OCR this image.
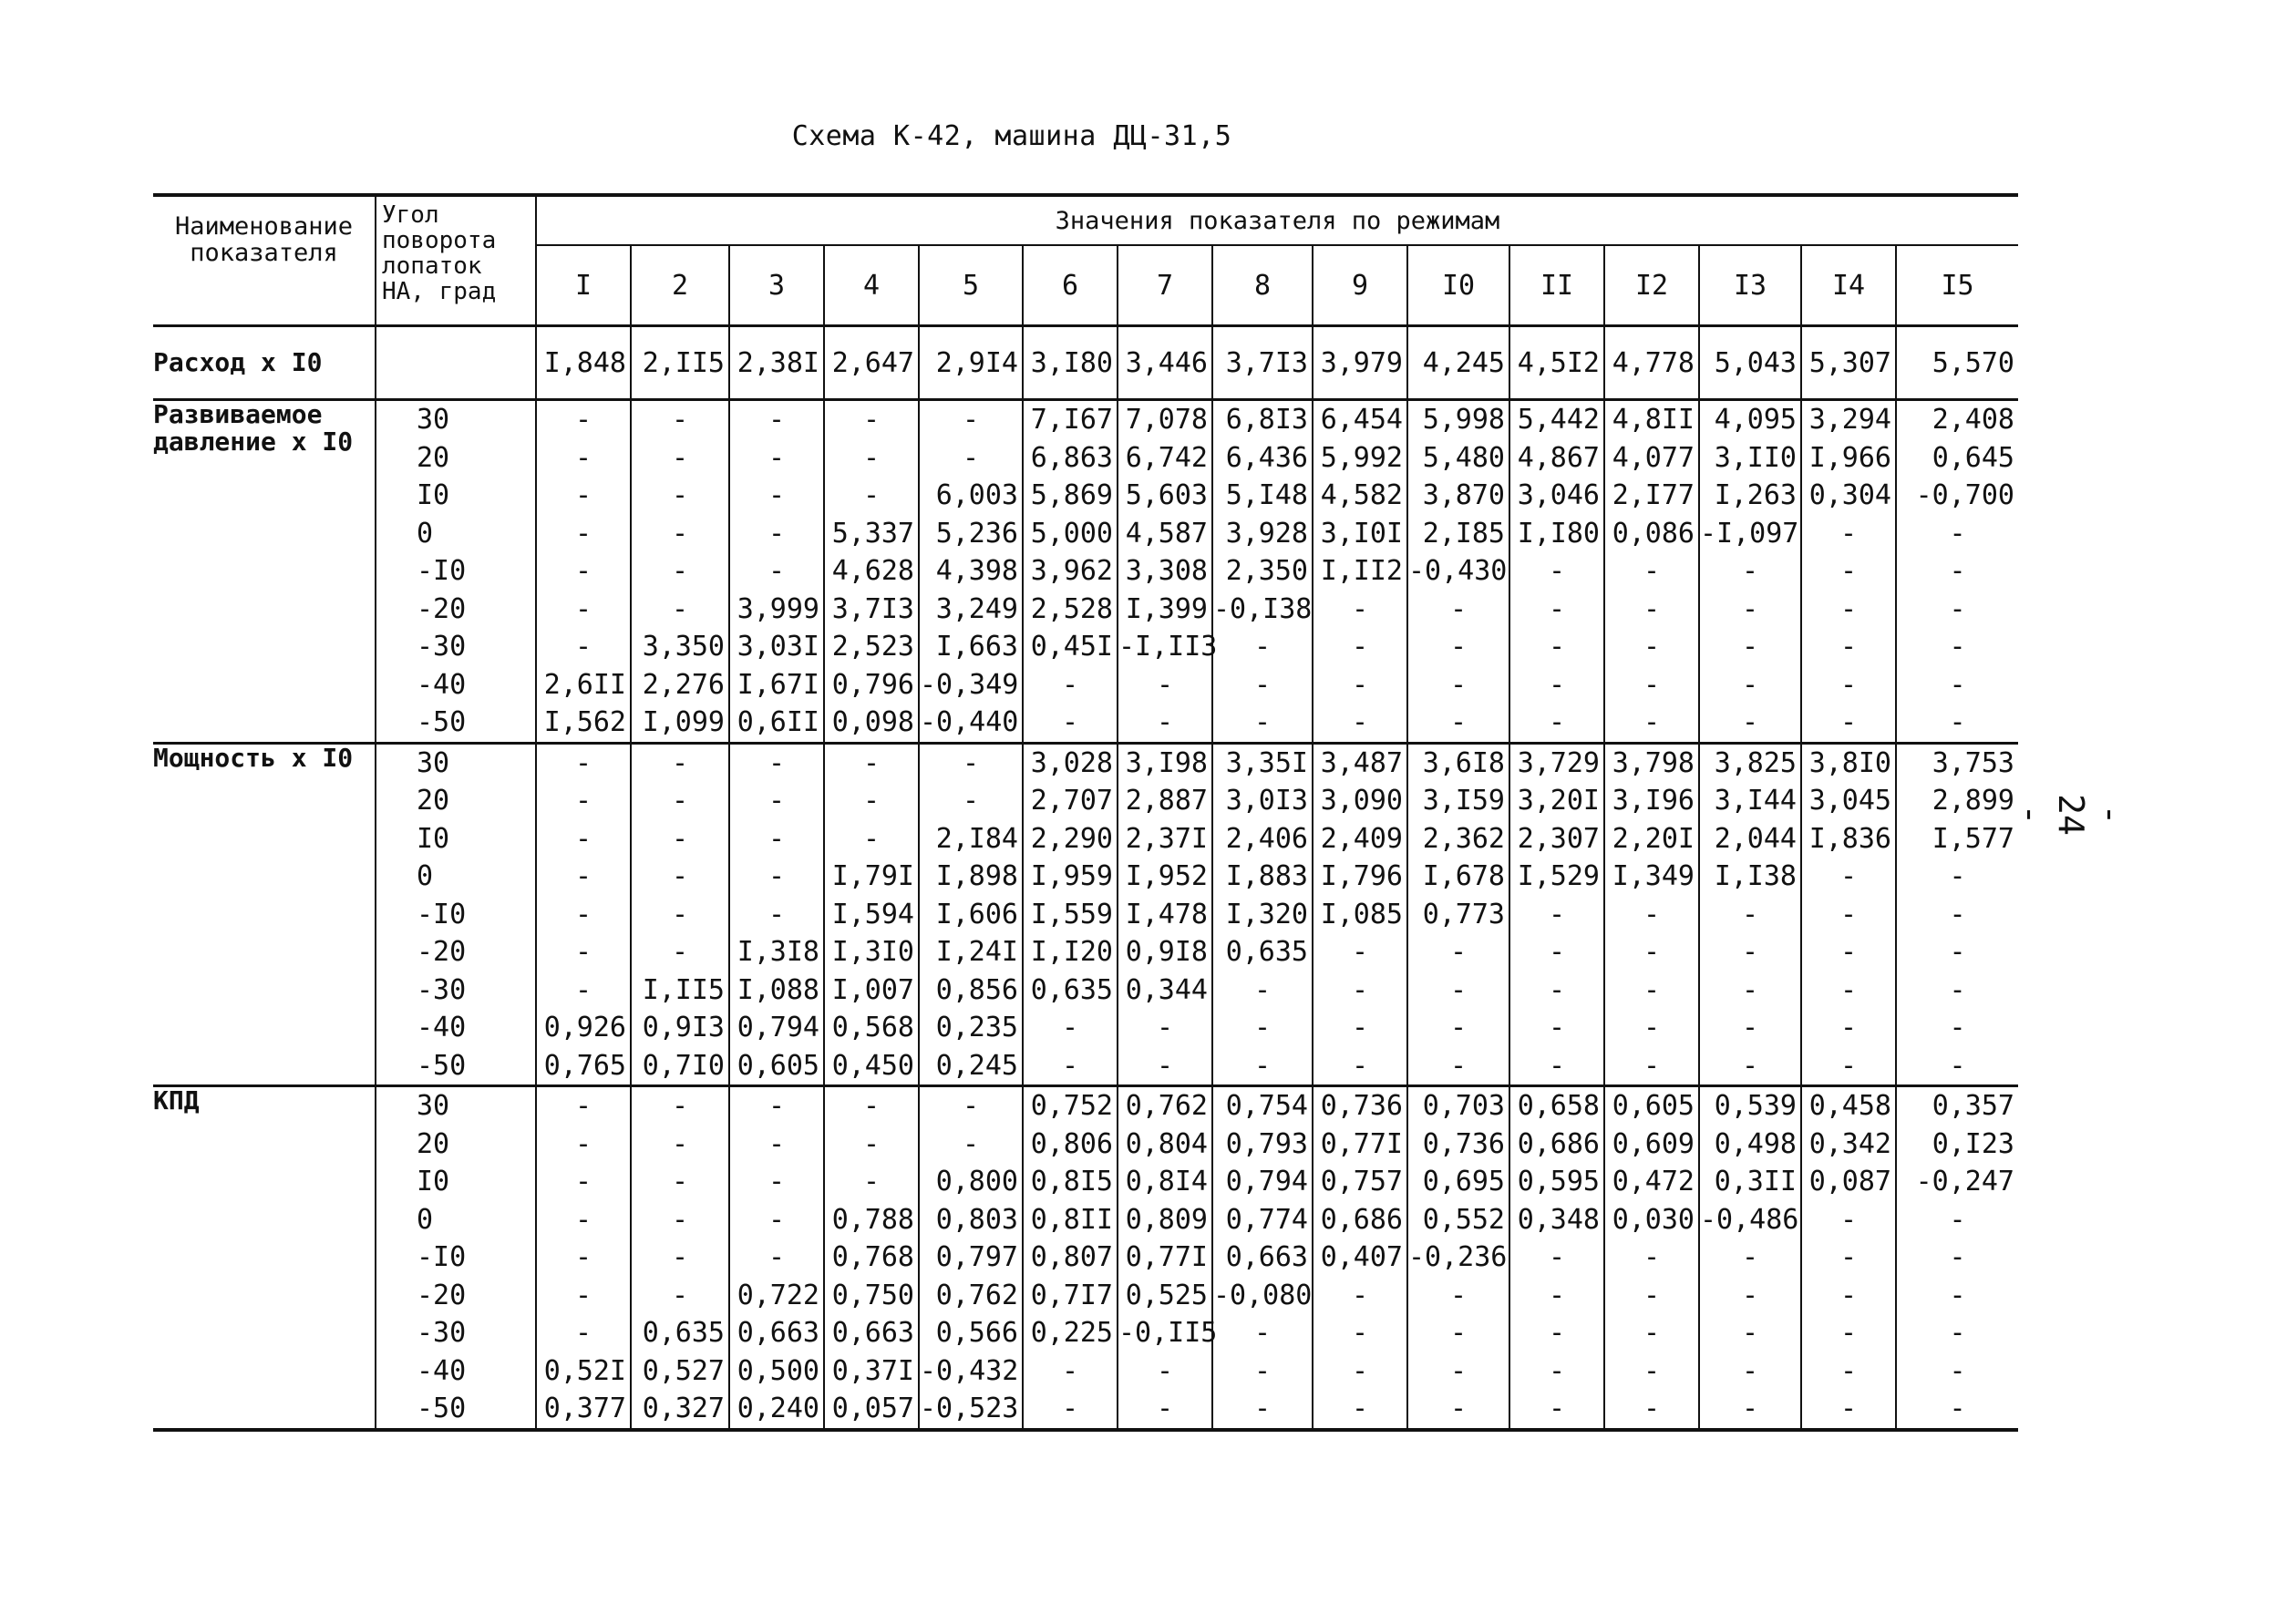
Схема К-42, машина ДЦ-31,5
- 24 -
Наименование показателя	Угол поворота лопаток НА, град	Значения показателя по режимам														
		I	2	3	4	5	6	7	8	9	I0	II	I2	I3	I4	I5
Расход x I0		I,848	2,II5	2,38I	2,647	2,9I4	3,I80	3,446	3,7I3	3,979	4,245	4,5I2	4,778	5,043	5,307	5,570
Развиваемое давление x I0	30	-	-	-	-	-	7,I67	7,078	6,8I3	6,454	5,998	5,442	4,8II	4,095	3,294	2,408
	20	-	-	-	-	-	6,863	6,742	6,436	5,992	5,480	4,867	4,077	3,II0	I,966	0,645
	I0	-	-	-	-	6,003	5,869	5,603	5,I48	4,582	3,870	3,046	2,I77	I,263	0,304	-0,700
	0	-	-	-	5,337	5,236	5,000	4,587	3,928	3,I0I	2,I85	I,I80	0,086	-I,097	-	-
	-I0	-	-	-	4,628	4,398	3,962	3,308	2,350	I,II2	-0,430	-	-	-	-	-
	-20	-	-	3,999	3,7I3	3,249	2,528	I,399	-0,I38	-	-	-	-	-	-	-
	-30	-	3,350	3,03I	2,523	I,663	0,45I	-I,II3	-	-	-	-	-	-	-	-
	-40	2,6II	2,276	I,67I	0,796	-0,349	-	-	-	-	-	-	-	-	-	-
	-50	I,562	I,099	0,6II	0,098	-0,440	-	-	-	-	-	-	-	-	-	-
Мощность x I0	30	-	-	-	-	-	3,028	3,I98	3,35I	3,487	3,6I8	3,729	3,798	3,825	3,8I0	3,753
	20	-	-	-	-	-	2,707	2,887	3,0I3	3,090	3,I59	3,20I	3,I96	3,I44	3,045	2,899
	I0	-	-	-	-	2,I84	2,290	2,37I	2,406	2,409	2,362	2,307	2,20I	2,044	I,836	I,577
	0	-	-	-	I,79I	I,898	I,959	I,952	I,883	I,796	I,678	I,529	I,349	I,I38	-	-
	-I0	-	-	-	I,594	I,606	I,559	I,478	I,320	I,085	0,773	-	-	-	-	-
	-20	-	-	I,3I8	I,3I0	I,24I	I,I20	0,9I8	0,635	-	-	-	-	-	-	-
	-30	-	I,II5	I,088	I,007	0,856	0,635	0,344	-	-	-	-	-	-	-	-
	-40	0,926	0,9I3	0,794	0,568	0,235	-	-	-	-	-	-	-	-	-	-
	-50	0,765	0,7I0	0,605	0,450	0,245	-	-	-	-	-	-	-	-	-	-
КПД	30	-	-	-	-	-	0,752	0,762	0,754	0,736	0,703	0,658	0,605	0,539	0,458	0,357
	20	-	-	-	-	-	0,806	0,804	0,793	0,77I	0,736	0,686	0,609	0,498	0,342	0,I23
	I0	-	-	-	-	0,800	0,8I5	0,8I4	0,794	0,757	0,695	0,595	0,472	0,3II	0,087	-0,247
	0	-	-	-	0,788	0,803	0,8II	0,809	0,774	0,686	0,552	0,348	0,030	-0,486	-	-
	-I0	-	-	-	0,768	0,797	0,807	0,77I	0,663	0,407	-0,236	-	-	-	-	-
	-20	-	-	0,722	0,750	0,762	0,7I7	0,525	-0,080	-	-	-	-	-	-	-
	-30	-	0,635	0,663	0,663	0,566	0,225	-0,II5	-	-	-	-	-	-	-	-
	-40	0,52I	0,527	0,500	0,37I	-0,432	-	-	-	-	-	-	-	-	-	-
	-50	0,377	0,327	0,240	0,057	-0,523	-	-	-	-	-	-	-	-	-	-
